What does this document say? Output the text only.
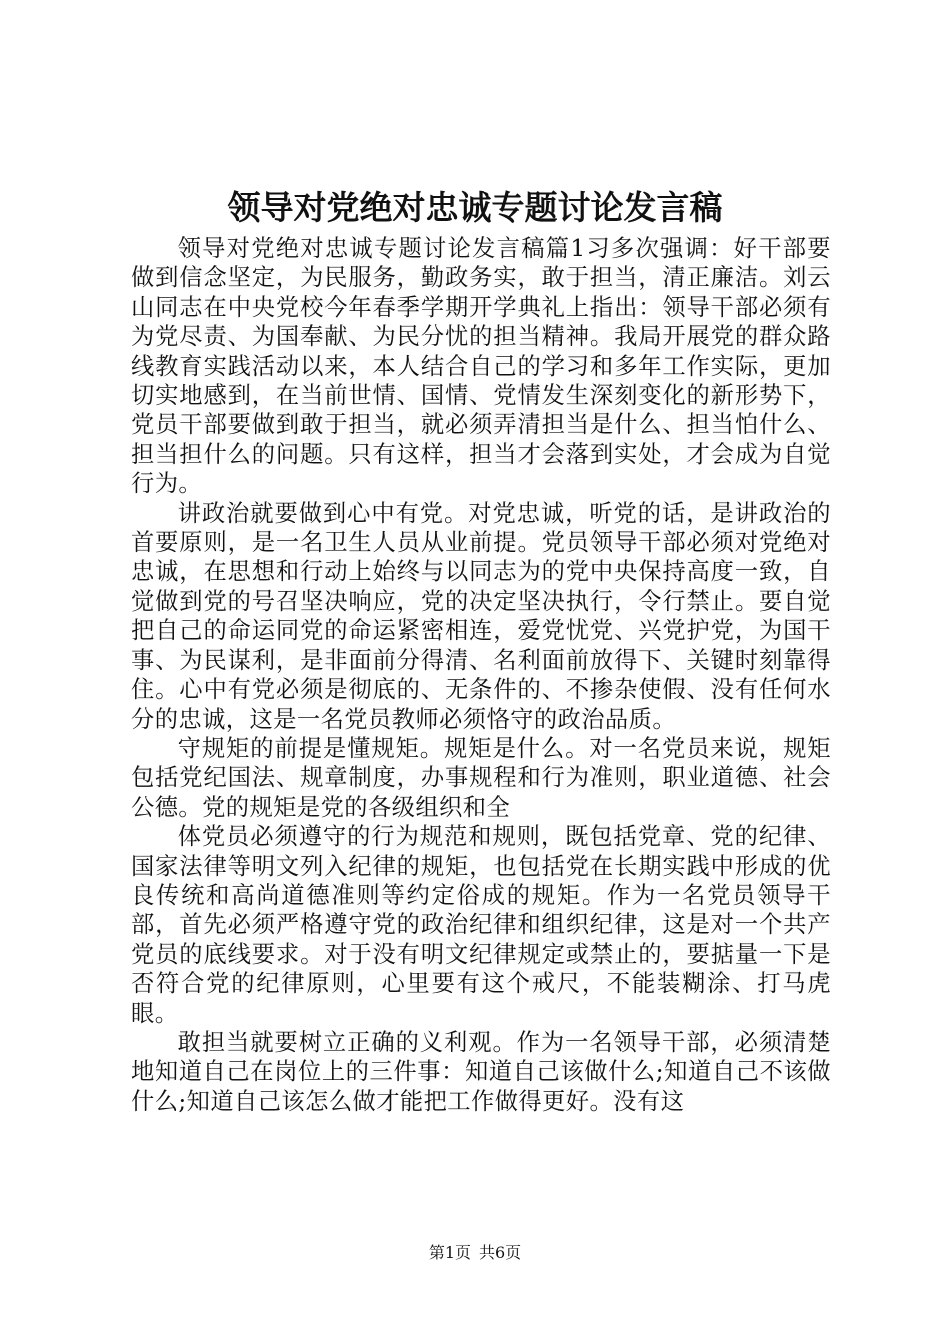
领导对党绝对忠诚专题讨论发言稿

领导对党绝对忠诚专题讨论发言稿篇1习多次强调：好干部要做到信念坚定，为民服务，勤政务实，敢于担当，清正廉洁。刘云山同志在中央党校今年春季学期开学典礼上指出：领导干部必须有为党尽责、为国奉献、为民分忧的担当精神。我局开展党的群众路线教育实践活动以来，本人结合自己的学习和多年工作实际，更加切实地感到，在当前世情、国情、党情发生深刻变化的新形势下，党员干部要做到敢于担当，就必须弄清担当是什么、担当怕什么、担当担什么的问题。只有这样，担当才会落到实处，才会成为自觉行为。

讲政治就要做到心中有党。对党忠诚，听党的话，是讲政治的首要原则，是一名卫生人员从业前提。党员领导干部必须对党绝对忠诚，在思想和行动上始终与以同志为的党中央保持高度一致，自觉做到党的号召坚决响应，党的决定坚决执行，令行禁止。要自觉把自己的命运同党的命运紧密相连，爱党忧党、兴党护党，为国干事、为民谋利，是非面前分得清、名利面前放得下、关键时刻靠得住。心中有党必须是彻底的、无条件的、不掺杂使假、没有任何水分的忠诚，这是一名党员教师必须恪守的政治品质。

守规矩的前提是懂规矩。规矩是什么。对一名党员来说，规矩包括党纪国法、规章制度，办事规程和行为准则，职业道德、社会公德。党的规矩是党的各级组织和全

体党员必须遵守的行为规范和规则，既包括党章、党的纪律、国家法律等明文列入纪律的规矩，也包括党在长期实践中形成的优良传统和高尚道德准则等约定俗成的规矩。作为一名党员领导干部，首先必须严格遵守党的政治纪律和组织纪律，这是对一个共产党员的底线要求。对于没有明文纪律规定或禁止的，要掂量一下是否符合党的纪律原则，心里要有这个戒尺，不能装糊涂、打马虎眼。

敢担当就要树立正确的义利观。作为一名领导干部，必须清楚地知道自己在岗位上的三件事：知道自己该做什么;知道自己不该做什么;知道自己该怎么做才能把工作做得更好。没有这

第1页 共6页
